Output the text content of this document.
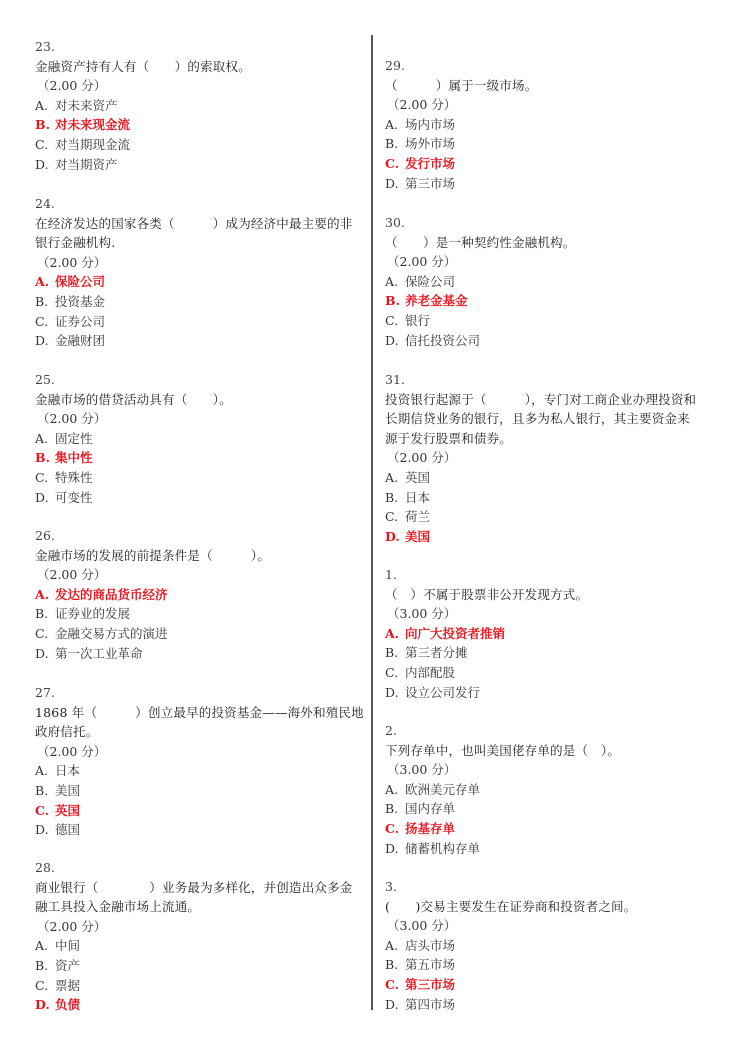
23.
金融资产持有人有（　　）的索取权。
（2.00 分）
A. 对未来资产
B. 对未来现金流
C. 对当期现金流
D. 对当期资产
24.
在经济发达的国家各类（　　　）成为经济中最主要的非
银行金融机构.
（2.00 分）
A. 保险公司
B. 投资基金
C. 证券公司
D. 金融财团
25.
金融市场的借贷活动具有（　　）。
（2.00 分）
A. 固定性
B. 集中性
C. 特殊性
D. 可变性
26.
金融市场的发展的前提条件是（　　　）。
（2.00 分）
A. 发达的商品货币经济
B. 证券业的发展
C. 金融交易方式的演进
D. 第一次工业革命
27.
1868 年（　　　）创立最早的投资基金——海外和殖民地
政府信托。
（2.00 分）
A. 日本
B. 美国
C. 英国
D. 德国
28.
商业银行（　　　　）业务最为多样化，并创造出众多金
融工具投入金融市场上流通。
（2.00 分）
A. 中间
B. 资产
C. 票据
D. 负债
29.
（　　　）属于一级市场。
（2.00 分）
A. 场内市场
B. 场外市场
C. 发行市场
D. 第三市场
30.
（　　）是一种契约性金融机构。
（2.00 分）
A. 保险公司
B. 养老金基金
C. 银行
D. 信托投资公司
31.
投资银行起源于（　　　），专门对工商企业办理投资和
长期信贷业务的银行，且多为私人银行，其主要资金来
源于发行股票和债券。
（2.00 分）
A. 英国
B. 日本
C. 荷兰
D. 美国
1.
（　）不属于股票非公开发现方式。
（3.00 分）
A. 向广大投资者推销
B. 第三者分摊
C. 内部配股
D. 设立公司发行
2.
下列存单中，也叫美国佬存单的是（　）。
（3.00 分）
A. 欧洲美元存单
B. 国内存单
C. 扬基存单
D. 储蓄机构存单
3.
(　　)交易主要发生在证券商和投资者之间。
（3.00 分）
A. 店头市场
B. 第五市场
C. 第三市场
D. 第四市场
